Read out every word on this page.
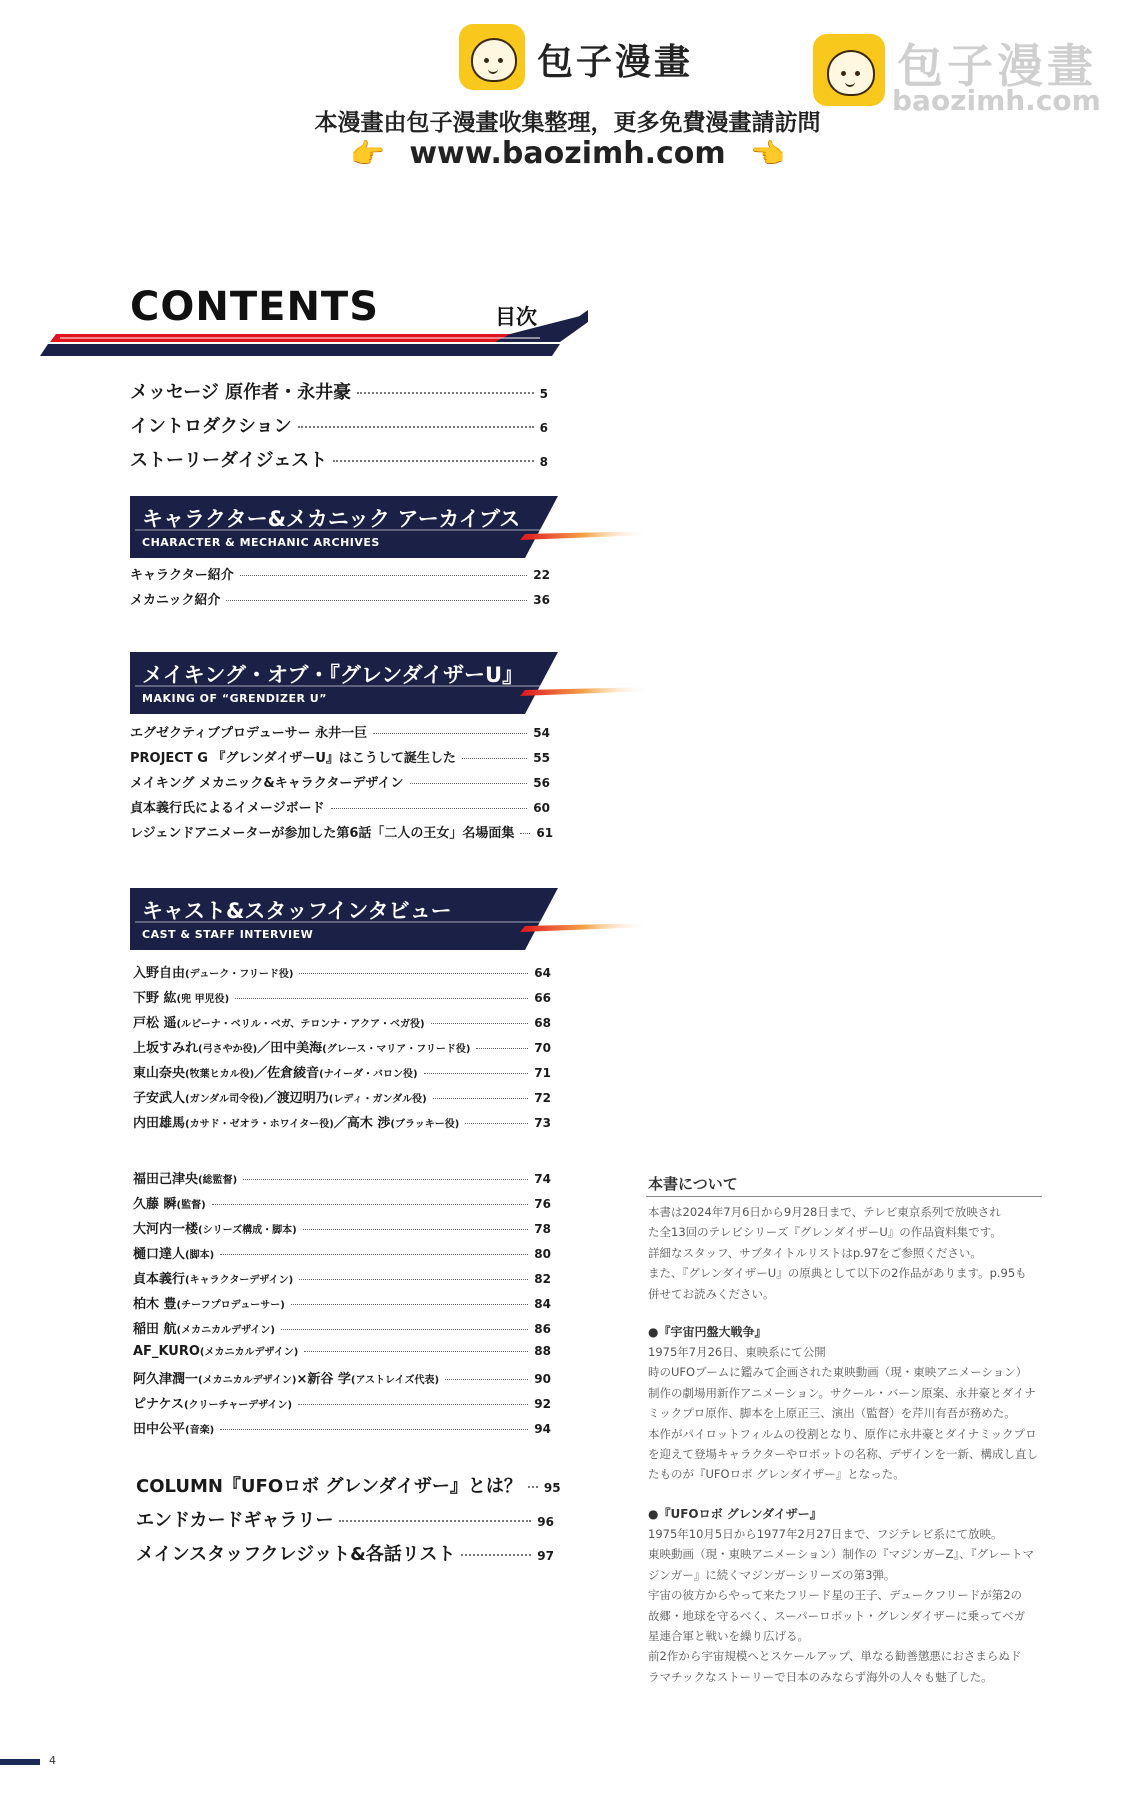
包子漫畫
本漫畫由包子漫畫收集整理，更多免費漫畫請訪問
👉 www.baozimh.com 👈
包子漫畫
baozimh.com
CONTENTS	目次
メッセージ 原作者・永井豪	5
イントロダクション	6
ストーリーダイジェスト	8
キャラクター&メカニック アーカイブス
CHARACTER & MECHANIC ARCHIVES
キャラクター紹介	22
メカニック紹介	36
メイキング・オブ・『グレンダイザーU』
MAKING OF “GRENDIZER U”
エグゼクティブプロデューサー 永井一巨	54
PROJECT G 『グレンダイザーU』はこうして誕生した	55
メイキング メカニック&キャラクターデザイン	56
貞本義行氏によるイメージボード	60
レジェンドアニメーターが参加した第6話「二人の王女」名場面集 61
キャスト&スタッフインタビュー
CAST & STAFF INTERVIEW
入野自由(デューク・フリード役)	64
下野 紘(兜 甲児役)	66
戸松 遥(ルビーナ・ベリル・ベガ、テロンナ・アクア・ベガ役)	68
上坂すみれ(弓さやか役)／田中美海(グレース・マリア・フリード役)	70
東山奈央(牧葉ヒカル役)／佐倉綾音(ナイーダ・バロン役)	71
子安武人(ガンダル司令役)／渡辺明乃(レディ・ガンダル役)	72
内田雄馬(カサド・ゼオラ・ホワイター役)／高木 渉(ブラッキー役)	73
福田己津央(総監督)	74
久藤 瞬(監督)	76
大河内一楼(シリーズ構成・脚本)	78
樋口達人(脚本)	80
貞本義行(キャラクターデザイン)	82
柏木 豊(チーフプロデューサー)	84
稲田 航(メカニカルデザイン)	86
AF_KURO(メカニカルデザイン)	88
阿久津潤一(メカニカルデザイン)×新谷 学(アストレイズ代表)	90
ピナケス(クリーチャーデザイン)	92
田中公平(音楽)	94
COLUMN『UFOロボ グレンダイザー』とは？ 95
エンドカードギャラリー	96
メインスタッフクレジット&各話リスト	97
本書について
本書は2024年7月6日から9月28日まで、テレビ東京系列で放映され
た全13回のテレビシリーズ『グレンダイザーU』の作品資料集です。
詳細なスタッフ、サブタイトルリストはp.97をご参照ください。
また、『グレンダイザーU』の原典として以下の2作品があります。p.95も
併せてお読みください。
●『宇宙円盤大戦争』
1975年7月26日、東映系にて公開
時のUFOブームに鑑みて企画された東映動画（現・東映アニメーション）
制作の劇場用新作アニメーション。サクール・バーン原案、永井豪とダイナ
ミックプロ原作、脚本を上原正三、演出（監督）を芹川有吾が務めた。
本作がパイロットフィルムの役割となり、原作に永井豪とダイナミックプロ
を迎えて登場キャラクターやロボットの名称、デザインを一新、構成し直し
たものが『UFOロボ グレンダイザー』となった。
●『UFOロボ グレンダイザー』
1975年10月5日から1977年2月27日まで、フジテレビ系にて放映。
東映動画（現・東映アニメーション）制作の『マジンガーZ』、『グレートマ
ジンガー』に続くマジンガーシリーズの第3弾。
宇宙の彼方からやって来たフリード星の王子、デュークフリードが第2の
故郷・地球を守るべく、スーパーロボット・グレンダイザーに乗ってベガ
星連合軍と戦いを繰り広げる。
前2作から宇宙規模へとスケールアップ、単なる勧善懲悪におさまらぬド
ラマチックなストーリーで日本のみならず海外の人々も魅了した。
4
